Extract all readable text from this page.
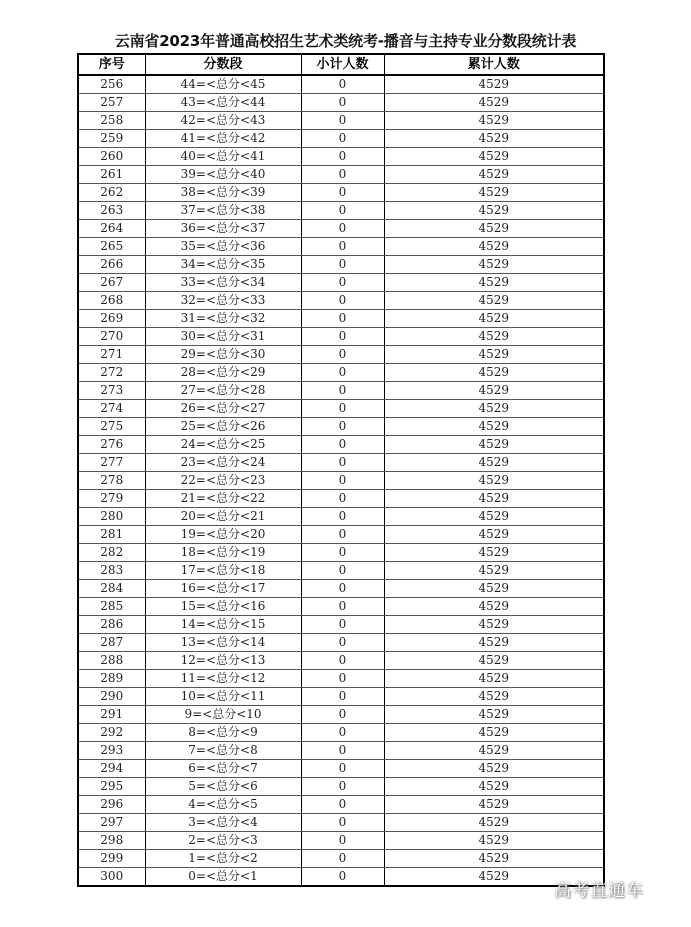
云南省2023年普通高校招生艺术类统考-播音与主持专业分数段统计表
序号	分数段	小计人数	累计人数
256	44=<总分<45	0	4529
257	43=<总分<44	0	4529
258	42=<总分<43	0	4529
259	41=<总分<42	0	4529
260	40=<总分<41	0	4529
261	39=<总分<40	0	4529
262	38=<总分<39	0	4529
263	37=<总分<38	0	4529
264	36=<总分<37	0	4529
265	35=<总分<36	0	4529
266	34=<总分<35	0	4529
267	33=<总分<34	0	4529
268	32=<总分<33	0	4529
269	31=<总分<32	0	4529
270	30=<总分<31	0	4529
271	29=<总分<30	0	4529
272	28=<总分<29	0	4529
273	27=<总分<28	0	4529
274	26=<总分<27	0	4529
275	25=<总分<26	0	4529
276	24=<总分<25	0	4529
277	23=<总分<24	0	4529
278	22=<总分<23	0	4529
279	21=<总分<22	0	4529
280	20=<总分<21	0	4529
281	19=<总分<20	0	4529
282	18=<总分<19	0	4529
283	17=<总分<18	0	4529
284	16=<总分<17	0	4529
285	15=<总分<16	0	4529
286	14=<总分<15	0	4529
287	13=<总分<14	0	4529
288	12=<总分<13	0	4529
289	11=<总分<12	0	4529
290	10=<总分<11	0	4529
291	9=<总分<10	0	4529
292	8=<总分<9	0	4529
293	7=<总分<8	0	4529
294	6=<总分<7	0	4529
295	5=<总分<6	0	4529
296	4=<总分<5	0	4529
297	3=<总分<4	0	4529
298	2=<总分<3	0	4529
299	1=<总分<2	0	4529
300	0=<总分<1	0	4529
高考直通车
